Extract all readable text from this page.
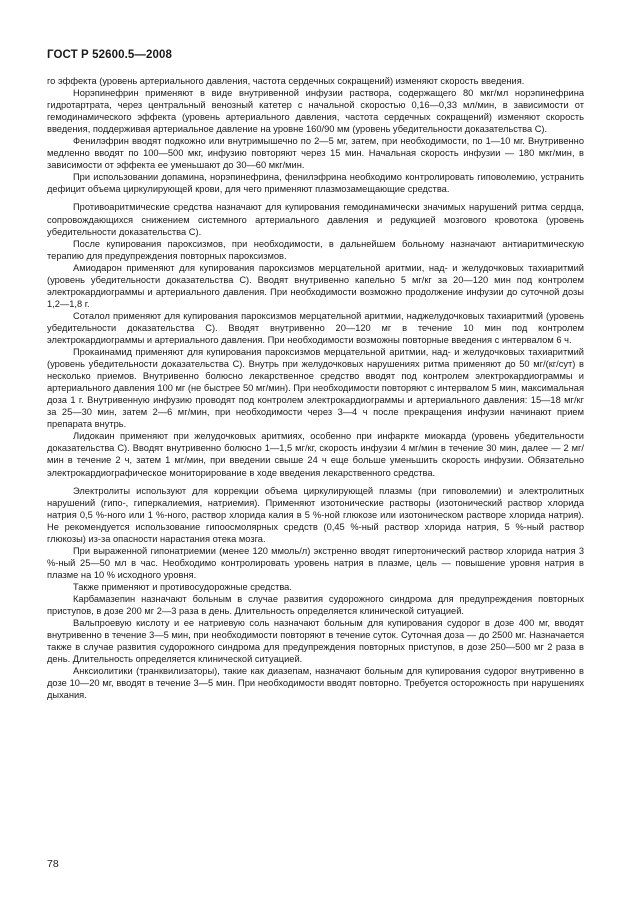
ГОСТ Р 52600.5—2008

го эффекта (уровень артериального давления, частота сердечных сокращений) изменяют скорость введения.

Норэпинефрин применяют в виде внутривенной инфузии раствора, содержащего 80 мкг/мл норэпинефрина гидротартрата, через центральный венозный катетер с начальной скоростью 0,16—0,33 мл/мин, в зависимости от гемодинамического эффекта (уровень артериального давления, частота сердечных сокращений) изменяют скорость введения, поддерживая артериальное давление на уровне 160/90 мм (уровень убедительности доказательства С).

Фенилэфрин вводят подкожно или внутримышечно по 2—5 мг, затем, при необходимости, по 1—10 мг. Внутривенно медленно вводят по 100—500 мкг, инфузию повторяют через 15 мин. Начальная скорость инфузии — 180 мкг/мин, в зависимости от эффекта ее уменьшают до 30—60 мкг/мин.

При использовании допамина, норэпинефрина, фенилэфрина необходимо контролировать гиповолемию, устранить дефицит объема циркулирующей крови, для чего применяют плазмозамещающие средства.

Противоаритмические средства назначают для купирования гемодинамически значимых нарушений ритма сердца, сопровождающихся снижением системного артериального давления и редукцией мозгового кровотока (уровень убедительности доказательства С).

После купирования пароксизмов, при необходимости, в дальнейшем больному назначают антиаритмическую терапию для предупреждения повторных пароксизмов.

Амиодарон применяют для купирования пароксизмов мерцательной аритмии, над- и желудочковых тахиаритмий (уровень убедительности доказательства С). Вводят внутривенно капельно 5 мг/кг за 20—120 мин под контролем электрокардиограммы и артериального давления. При необходимости возможно продолжение инфузии до суточной дозы 1,2—1,8 г.

Соталол применяют для купирования пароксизмов мерцательной аритмии, наджелудочковых тахиаритмий (уровень убедительности доказательства С). Вводят внутривенно 20—120 мг в течение 10 мин под контролем электрокардиограммы и артериального давления. При необходимости возможны повторные введения с интервалом 6 ч.

Прокаинамид применяют для купирования пароксизмов мерцательной аритмии, над- и желудочковых тахиаритмий (уровень убедительности доказательства С). Внутрь при желудочковых нарушениях ритма применяют до 50 мг/(кг/сут) в несколько приемов. Внутривенно болюсно лекарственное средство вводят под контролем электрокардиограммы и артериального давления 100 мг (не быстрее 50 мг/мин). При необходимости повторяют с интервалом 5 мин, максимальная доза 1 г. Внутривенную инфузию проводят под контролем электрокардиограммы и артериального давления: 15—18 мг/кг за 25—30 мин, затем 2—6 мг/мин, при необходимости через 3—4 ч после прекращения инфузии начинают прием препарата внутрь.

Лидокаин применяют при желудочковых аритмиях, особенно при инфаркте миокарда (уровень убедительности доказательства С). Вводят внутривенно болюсно 1—1,5 мг/кг, скорость инфузии 4 мг/мин в течение 30 мин, далее — 2 мг/мин в течение 2 ч, затем 1 мг/мин, при введении свыше 24 ч еще больше уменьшить скорость инфузии. Обязательно электрокардиографическое мониторирование в ходе введения лекарственного средства.

Электролиты используют для коррекции объема циркулирующей плазмы (при гиповолемии) и электролитных нарушений (гипо-, гиперкалиемия, натриемия). Применяют изотонические растворы (изотонический раствор хлорида натрия 0,5 %-ного или 1 %-ного, раствор хлорида калия в 5 %-ной глюкозе или изотоническом растворе хлорида натрия). Не рекомендуется использование гипоосмолярных средств (0,45 %-ный раствор хлорида натрия, 5 %-ный раствор глюкозы) из-за опасности нарастания отека мозга.

При выраженной гипонатриемии (менее 120 ммоль/л) экстренно вводят гипертонический раствор хлорида натрия 3 %-ный 25—50 мл в час. Необходимо контролировать уровень натрия в плазме, цель — повышение уровня натрия в плазме на 10 % исходного уровня.

Также применяют и противосудорожные средства.

Карбамазепин назначают больным в случае развития судорожного синдрома для предупреждения повторных приступов, в дозе 200 мг 2—3 раза в день. Длительность определяется клинической ситуацией.

Вальпроевую кислоту и ее натриевую соль назначают больным для купирования судорог в дозе 400 мг, вводят внутривенно в течение 3—5 мин, при необходимости повторяют в течение суток. Суточная доза — до 2500 мг. Назначается также в случае развития судорожного синдрома для предупреждения повторных приступов, в дозе 250—500 мг 2 раза в день. Длительность определяется клинической ситуацией.

Анксиолитики (транквилизаторы), такие как диазепам, назначают больным для купирования судорог внутривенно в дозе 10—20 мг, вводят в течение 3—5 мин. При необходимости вводят повторно. Требуется осторожность при нарушениях дыхания.

78
